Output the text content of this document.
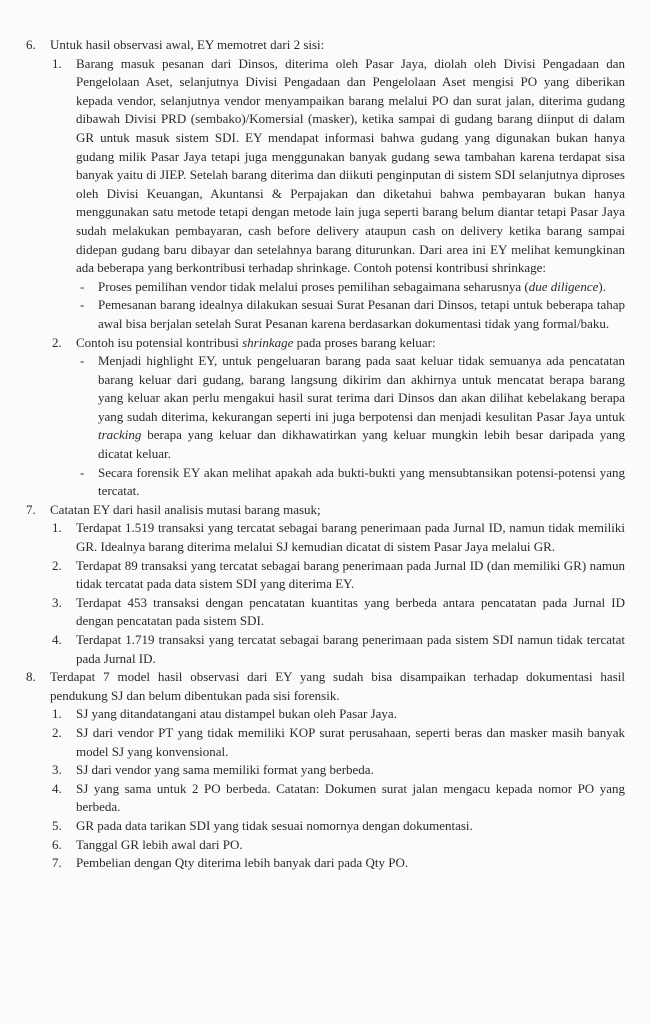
6. Untuk hasil observasi awal, EY memotret dari 2 sisi:

1. Barang masuk pesanan dari Dinsos, diterima oleh Pasar Jaya, diolah oleh Divisi Pengadaan dan Pengelolaan Aset, selanjutnya Divisi Pengadaan dan Pengelolaan Aset mengisi PO yang diberikan kepada vendor, selanjutnya vendor menyampaikan barang melalui PO dan surat jalan, diterima gudang dibawah Divisi PRD (sembako)/Komersial (masker), ketika sampai di gudang barang diinput di dalam GR untuk masuk sistem SDI. EY mendapat informasi bahwa gudang yang digunakan bukan hanya gudang milik Pasar Jaya tetapi juga menggunakan banyak gudang sewa tambahan karena terdapat sisa banyak yaitu di JIEP. Setelah barang diterima dan diikuti penginputan di sistem SDI selanjutnya diproses oleh Divisi Keuangan, Akuntansi & Perpajakan dan diketahui bahwa pembayaran bukan hanya menggunakan satu metode tetapi dengan metode lain juga seperti barang belum diantar tetapi Pasar Jaya sudah melakukan pembayaran, cash before delivery ataupun cash on delivery ketika barang sampai didepan gudang baru dibayar dan setelahnya barang diturunkan. Dari area ini EY melihat kemungkinan ada beberapa yang berkontribusi terhadap shrinkage. Contoh potensi kontribusi shrinkage:
- Proses pemilihan vendor tidak melalui proses pemilihan sebagaimana seharusnya (due diligence).
- Pemesanan barang idealnya dilakukan sesuai Surat Pesanan dari Dinsos, tetapi untuk beberapa tahap awal bisa berjalan setelah Surat Pesanan karena berdasarkan dokumentasi tidak yang formal/baku.
2. Contoh isu potensial kontribusi shrinkage pada proses barang keluar:
- Menjadi highlight EY, untuk pengeluaran barang pada saat keluar tidak semuanya ada pencatatan barang keluar dari gudang, barang langsung dikirim dan akhirnya untuk mencatat berapa barang yang keluar akan perlu mengakui hasil surat terima dari Dinsos dan akan dilihat kebelakang berapa yang sudah diterima, kekurangan seperti ini juga berpotensi dan menjadi kesulitan Pasar Jaya untuk tracking berapa yang keluar dan dikhawatirkan yang keluar mungkin lebih besar daripada yang dicatat keluar.
- Secara forensik EY akan melihat apakah ada bukti-bukti yang mensubtansikan potensi-potensi yang tercatat.
7. Catatan EY dari hasil analisis mutasi barang masuk;

1. Terdapat 1.519 transaksi yang tercatat sebagai barang penerimaan pada Jurnal ID, namun tidak memiliki GR. Idealnya barang diterima melalui SJ kemudian dicatat di sistem Pasar Jaya melalui GR.
2. Terdapat 89 transaksi yang tercatat sebagai barang penerimaan pada Jurnal ID (dan memiliki GR) namun tidak tercatat pada data sistem SDI yang diterima EY.
3. Terdapat 453 transaksi dengan pencatatan kuantitas yang berbeda antara pencatatan pada Jurnal ID dengan pencatatan pada sistem SDI.
4. Terdapat 1.719 transaksi yang tercatat sebagai barang penerimaan pada sistem SDI namun tidak tercatat pada Jurnal ID.
8. Terdapat 7 model hasil observasi dari EY yang sudah bisa disampaikan terhadap dokumentasi hasil pendukung SJ dan belum dibentukan pada sisi forensik.

1. SJ yang ditandatangani atau distampel bukan oleh Pasar Jaya.
2. SJ dari vendor PT yang tidak memiliki KOP surat perusahaan, seperti beras dan masker masih banyak model SJ yang konvensional.
3. SJ dari vendor yang sama memiliki format yang berbeda.
4. SJ yang sama untuk 2 PO berbeda. Catatan: Dokumen surat jalan mengacu kepada nomor PO yang berbeda.
5. GR pada data tarikan SDI yang tidak sesuai nomornya dengan dokumentasi.
6. Tanggal GR lebih awal dari PO.
7. Pembelian dengan Qty diterima lebih banyak dari pada Qty PO.
